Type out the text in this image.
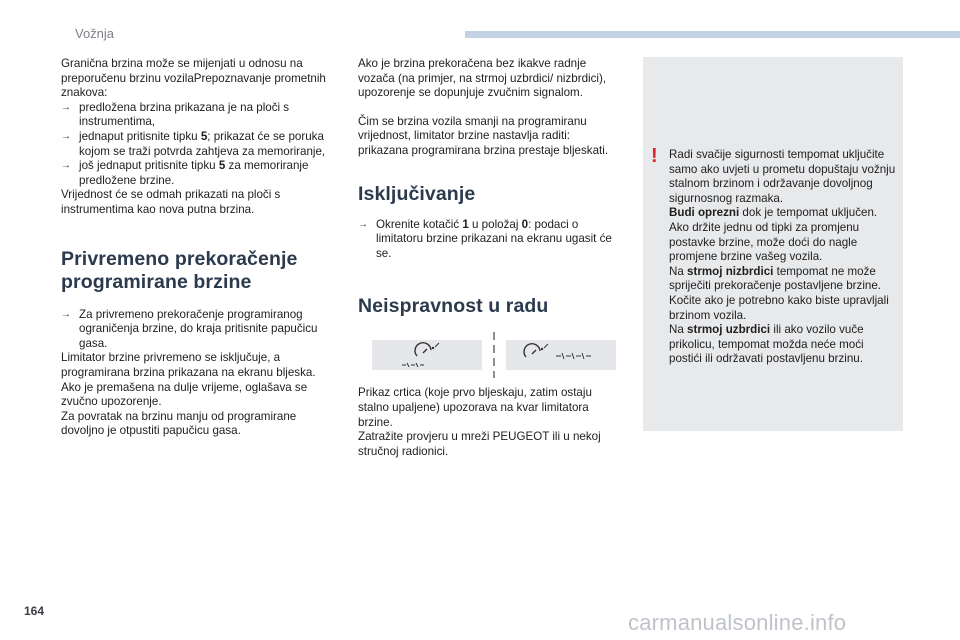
Vožnja

Granična brzina može se mijenjati u odnosu na preporučenu brzinu vozilaPrepoznavanje prometnih znakova:

→ predložena brzina prikazana je na ploči s instrumentima,
→ jednaput pritisnite tipku 5; prikazat će se poruka kojom se traži potvrda zahtjeva za memoriranje,
→ još jednaput pritisnite tipku 5 za memoriranje predložene brzine.

Vrijednost će se odmah prikazati na ploči s instrumentima kao nova putna brzina.

Privremeno prekoračenje programirane brzine
→ Za privremeno prekoračenje programiranog ograničenja brzine, do kraja pritisnite papučicu gasa.

Limitator brzine privremeno se isključuje, a programirana brzina prikazana na ekranu bljeska.

Ako je premašena na dulje vrijeme, oglašava se zvučno upozorenje.

Za povratak na brzinu manju od programirane dovoljno je otpustiti papučicu gasa.

Ako je brzina prekoračena bez ikakve radnje vozača (na primjer, na strmoj uzbrdici/ nizbrdici), upozorenje se dopunjuje zvučnim signalom.

Čim se brzina vozila smanji na programiranu vrijednost, limitator brzine nastavlja raditi: prikazana programirana brzina prestaje bljeskati.

Isključivanje
→ Okrenite kotačić 1 u položaj 0: podaci o limitatoru brzine prikazani na ekranu ugasit će se.
Neispravnost u radu

Prikaz crtica (koje prvo bljeskaju, zatim ostaju stalno upaljene) upozorava na kvar limitatora brzine.

Zatražite provjeru u mreži PEUGEOT ili u nekoj stručnoj radionici.

! Radi svačije sigurnosti tempomat uključite samo ako uvjeti u prometu dopuštaju vožnju stalnom brzinom i održavanje dovoljnog sigurnosnog razmaka.

Budi oprezni dok je tempomat uključen.

Ako držite jednu od tipki za promjenu postavke brzine, može doći do nagle promjene brzine vašeg vozila.

Na strmoj nizbrdici tempomat ne može spriječiti prekoračenje postavljene brzine. Kočite ako je potrebno kako biste upravljali brzinom vozila.

Na strmoj uzbrdici ili ako vozilo vuče prikolicu, tempomat možda neće moći postići ili održavati postavljenu brzinu.

164	carmanualsonline.info
